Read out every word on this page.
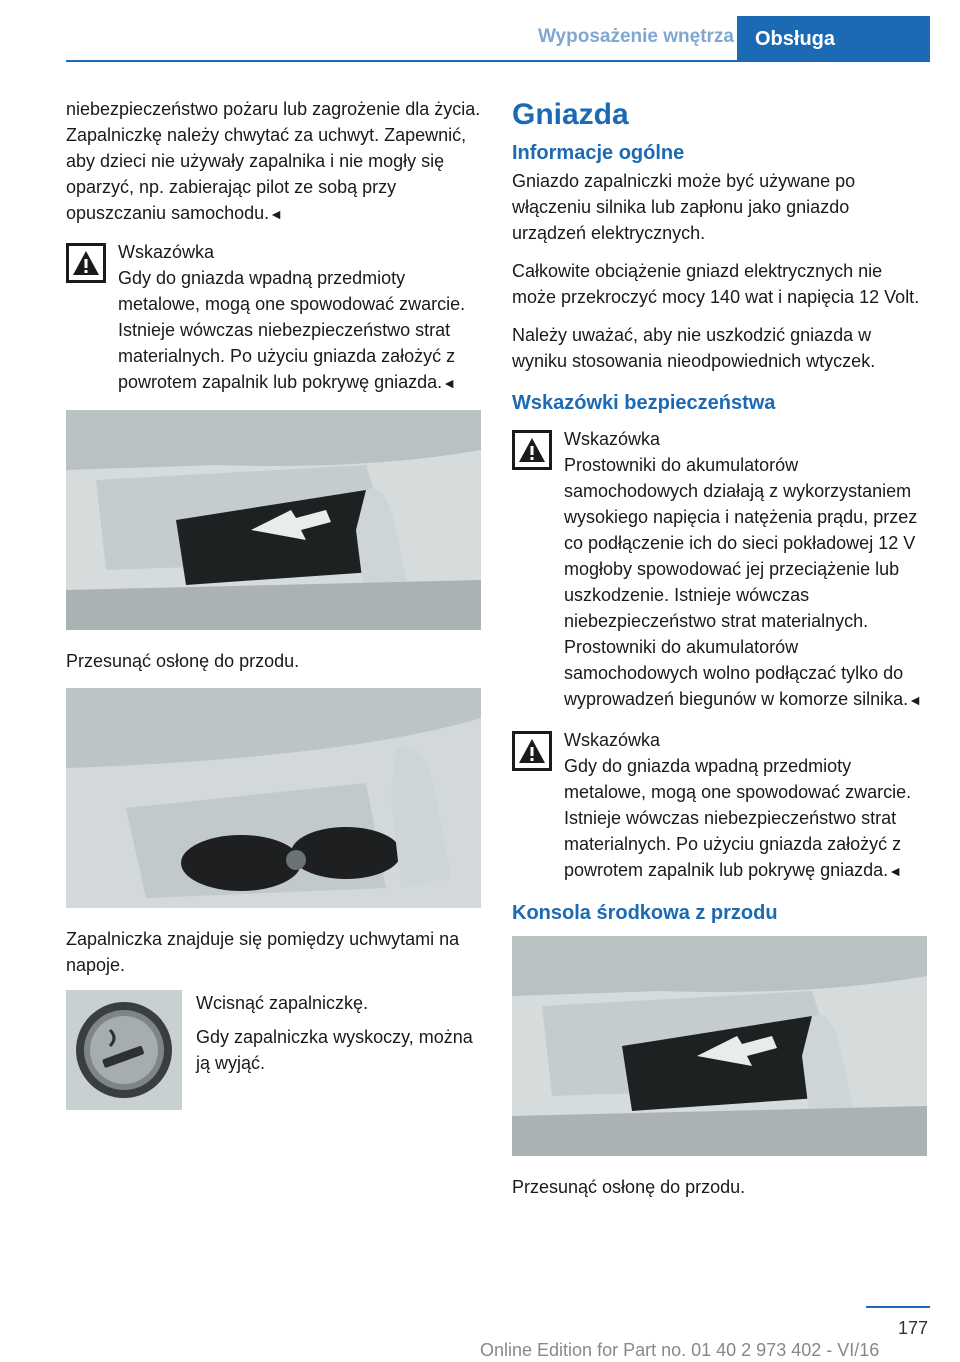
Wyposażenie wnętrza	Obsługa

niebezpieczeństwo pożaru lub zagrożenie dla życia. Zapalniczkę należy chwytać za uchwyt. Zapewnić, aby dzieci nie używały zapalnika i nie mogły się oparzyć, np. zabierając pilot ze sobą przy opuszczaniu samochodu. ◄

Wskazówka
Gdy do gniazda wpadną przedmioty metalowe, mogą one spowodować zwarcie. Istnieje wówczas niebezpieczeństwo strat materialnych. Po użyciu gniazda założyć z powrotem zapalnik lub pokrywę gniazda. ◄

Przesunąć osłonę do przodu.

Zapalniczka znajduje się pomiędzy uchwytami na napoje.

Wcisnąć zapalniczkę.

Gdy zapalniczka wyskoczy, można ją wyjąć.

Gniazda
Informacje ogólne

Gniazdo zapalniczki może być używane po włączeniu silnika lub zapłonu jako gniazdo urządzeń elektrycznych.

Całkowite obciążenie gniazd elektrycznych nie może przekroczyć mocy 140 wat i napięcia 12 Volt.

Należy uważać, aby nie uszkodzić gniazda w wyniku stosowania nieodpowiednich wtyczek.

Wskazówki bezpieczeństwa
Wskazówka
Prostowniki do akumulatorów samochodowych działają z wykorzystaniem wysokiego napięcia i natężenia prądu, przez co podłączenie ich do sieci pokładowej 12 V mogłoby spowodować jej przeciążenie lub uszkodzenie. Istnieje wówczas niebezpieczeństwo strat materialnych. Prostowniki do akumulatorów samochodowych wolno podłączać tylko do wyprowadzeń biegunów w komorze silnika. ◄
Wskazówka
Gdy do gniazda wpadną przedmioty metalowe, mogą one spowodować zwarcie. Istnieje wówczas niebezpieczeństwo strat materialnych. Po użyciu gniazda założyć z powrotem zapalnik lub pokrywę gniazda. ◄
Konsola środkowa z przodu

Przesunąć osłonę do przodu.

177
Online Edition for Part no. 01 40 2 973 402 - VI/16
